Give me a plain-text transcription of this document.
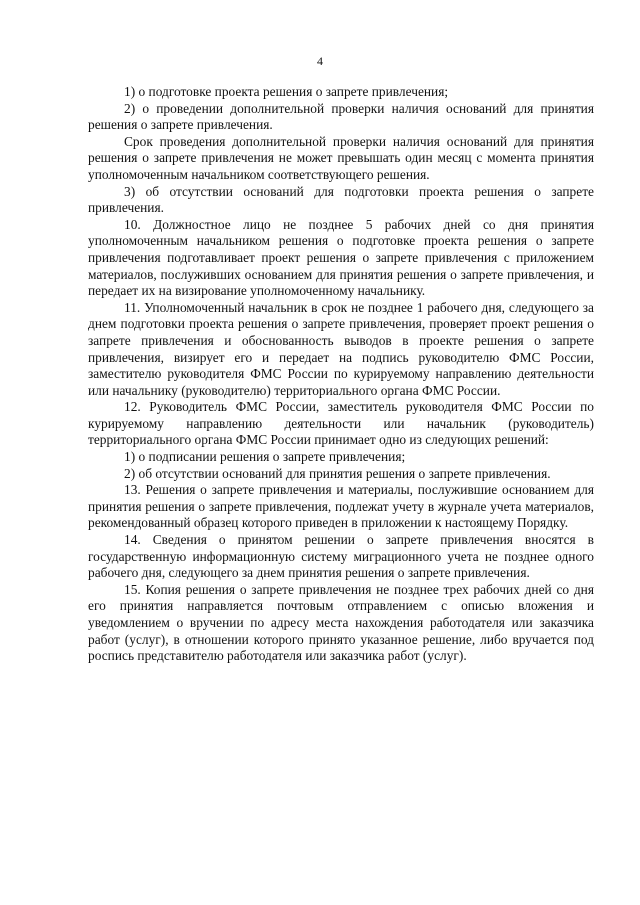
4

1) о подготовке проекта решения о запрете привлечения;

2) о проведении дополнительной проверки наличия оснований для принятия решения о запрете привлечения.

Срок проведения дополнительной проверки наличия оснований для принятия решения о запрете привлечения не может превышать один месяц с момента принятия уполномоченным начальником соответствующего решения.

3) об отсутствии оснований для подготовки проекта решения о запрете привлечения.

10. Должностное лицо не позднее 5 рабочих дней со дня принятия уполномоченным начальником решения о подготовке проекта решения о запрете привлечения подготавливает проект решения о запрете привлечения с приложением материалов, послуживших основанием для принятия решения о запрете привлечения, и передает их на визирование уполномоченному начальнику.

11. Уполномоченный начальник в срок не позднее 1 рабочего дня, следующего за днем подготовки проекта решения о запрете привлечения, проверяет проект решения о запрете привлечения и обоснованность выводов в проекте решения о запрете привлечения, визирует его и передает на подпись руководителю ФМС России, заместителю руководителя ФМС России по курируемому направлению деятельности или начальнику (руководителю) территориального органа ФМС России.

12. Руководитель ФМС России, заместитель руководителя ФМС России по курируемому направлению деятельности или начальник (руководитель) территориального органа ФМС России принимает одно из следующих решений:

1) о подписании решения о запрете привлечения;

2) об отсутствии оснований для принятия решения о запрете привлечения.

13. Решения о запрете привлечения и материалы, послужившие основанием для принятия решения о запрете привлечения, подлежат учету в журнале учета материалов, рекомендованный образец которого приведен в приложении к настоящему Порядку.

14. Сведения о принятом решении о запрете привлечения вносятся в государственную информационную систему миграционного учета не позднее одного рабочего дня, следующего за днем принятия решения о запрете привлечения.

15. Копия решения о запрете привлечения не позднее трех рабочих дней со дня его принятия направляется почтовым отправлением с описью вложения и уведомлением о вручении по адресу места нахождения работодателя или заказчика работ (услуг), в отношении которого принято указанное решение, либо вручается под роспись представителю работодателя или заказчика работ (услуг).
